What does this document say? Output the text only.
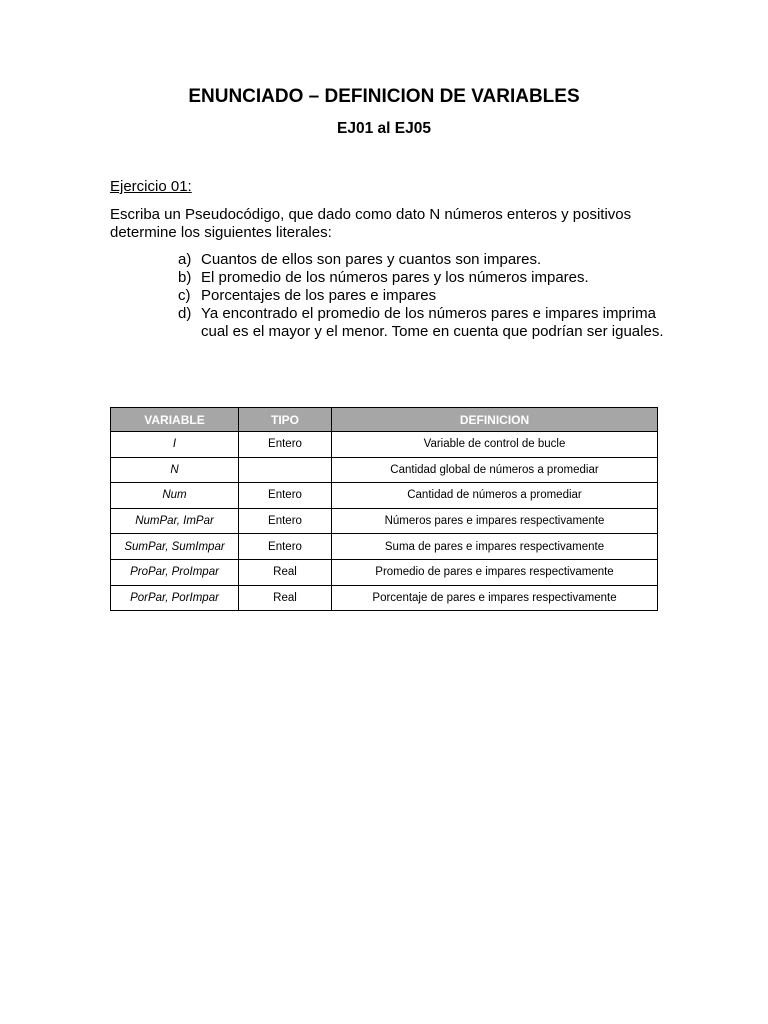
ENUNCIADO – DEFINICION DE VARIABLES
EJ01 al EJ05
Ejercicio 01:
Escriba un Pseudocódigo, que dado como dato N números enteros y positivos determine los siguientes literales:
a) Cuantos de ellos son pares y cuantos son impares.
b) El promedio de los números pares y los números impares.
c) Porcentajes de los pares e impares
d) Ya encontrado el promedio de los números pares e impares imprima cual es el mayor y el menor. Tome en cuenta que podrían ser iguales.
VARIABLE	TIPO	DEFINICION
I	Entero	Variable de control de bucle
N		Cantidad global de números a promediar
Num	Entero	Cantidad de números a promediar
NumPar, ImPar	Entero	Números pares e impares respectivamente
SumPar, SumImpar	Entero	Suma de pares e impares respectivamente
ProPar, ProImpar	Real	Promedio de pares e impares respectivamente
PorPar, PorImpar	Real	Porcentaje de pares e impares respectivamente
